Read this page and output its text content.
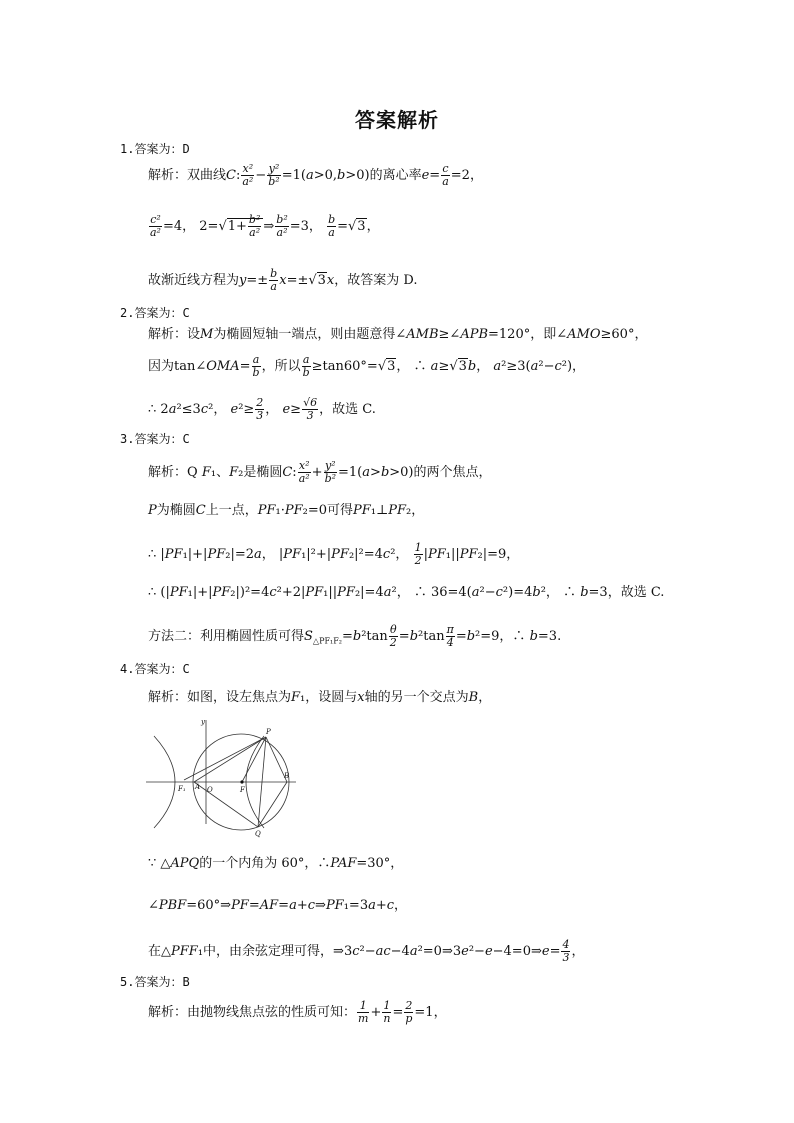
答案解析
1.答案为：D
解析：双曲线C: $\frac{\text{x²}}{\text{a²}} - \frac{\text{y²}}{\text{b²}} =1(a>0,b>0)$的离心率$e= \frac{c}{a} =2$，
$\frac{\text{c²}}{\text{a²}} =4$， $2=√1+ \frac{\text{b²}}{\text{a²}}$ ⇒ $\frac{\text{b²}}{\text{a²}} =3$， $\frac{b}{a} =√3$，
故渐近线方程为$y=\pm \frac{b}{a} x=\pm√3x$，故答案为 D.
2.答案为：C
解析：设M为椭圆短轴一端点，则由题意得∠AMB≥∠APB=120°，即∠AMO≥60°，
因为tan∠OMA= $\frac{a}{b}$ ，所以 $\frac{a}{b} \ge\tan 60^\circ=√3$， ∴ a≥√3b， a²≥3(a²−c²)，
∴ 2a²≤3c²， $e^2\ge \frac{2}{3}$ ， $e\ge \frac{√6}{3}$ ，故选 C.
3.答案为：C
解析：Q F₁、F₂是椭圆C: $\frac{\text{x²}}{\text{a²}} + \frac{\text{y²}}{\text{b²}} =1(a>b>0)$的两个焦点，
P为椭圆C上一点，PF₁·PF₂=0可得PF₁⊥PF₂，
∴ |PF₁|+|PF₂|=2a， |PF₁|²+|PF₂|²=4c²， $\frac{1}{2} |PF_1||PF_2|=9$，
∴ (|PF₁|+|PF₂|)²=4c²+2|PF₁||PF₂|=4a²， ∴ 36=4(a²−c²)=4b²， ∴ b=3，故选 C.
方法二：利用椭圆性质可得$S_{\triangle PF_1F_2}=b^2\tan \frac{\theta}{2} =b^2\tan \frac{\pi}{4} =b^2=9$，∴ b=3.
4.答案为：C
解析：如图，设左焦点为F₁，设圆与x轴的另一个交点为B，
y
P
B
F₁ A O	F
Q
∵ △APQ的一个内角为 60°，∴PAF=30°，
∠PBF=60°⇒PF=AF=a+c⇒PF₁=3a+c，
在△PFF₁中，由余弦定理可得，⇒3c²−ac−4a²=0⇒3e²−e−4=0⇒e= $\frac{4}{3}$ ，
5.答案为：B
解析：由抛物线焦点弦的性质可知： $\frac{1}{m} + \frac{1}{n} = \frac{2}{p} =1$，
